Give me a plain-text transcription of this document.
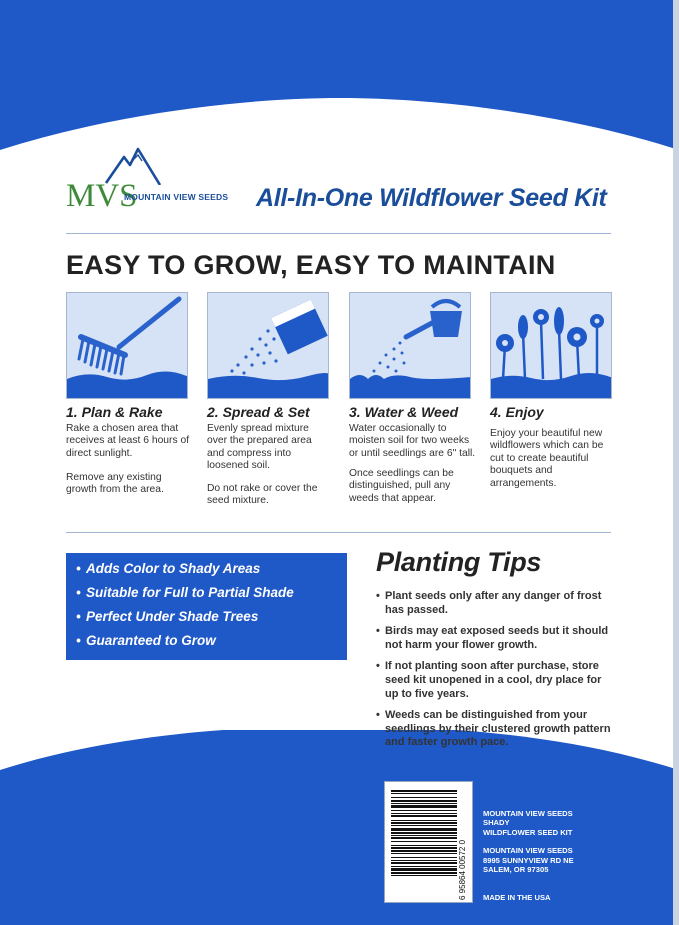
MVS
MOUNTAIN VIEW SEEDS All-In-One Wildflower Seed Kit
EASY TO GROW, EASY TO MAINTAIN
1. Plan & Rake
Rake a chosen area that receives at least 6 hours of direct sunlight.
Remove any existing growth from the area.
2. Spread & Set
Evenly spread mixture over the prepared area and compress into loosened soil.
Do not rake or cover the seed mixture.
3. Water & Weed
Water occasionally to moisten soil for two weeks or until seedlings are 6" tall.
Once seedlings can be distinguished, pull any weeds that appear.
4. Enjoy
Enjoy your beautiful new wildflowers which can be cut to create beautiful bouquets and arrangements.
• Adds Color to Shady Areas
• Suitable for Full to Partial Shade
• Perfect Under Shade Trees
• Guaranteed to Grow
Planting Tips
• Plant seeds only after any danger of frost has passed.
• Birds may eat exposed seeds but it should not harm your flower growth.
• If not planting soon after purchase, store seed kit unopened in a cool, dry place for up to five years.
• Weeds can be distinguished from your seedlings by their clustered growth pattern and faster growth pace.
6 95864 00572 0
MOUNTAIN VIEW SEEDS
SHADY
WILDFLOWER SEED KIT
MOUNTAIN VIEW SEEDS
8995 SUNNYVIEW RD NE
SALEM, OR 97305
MADE IN THE USA
